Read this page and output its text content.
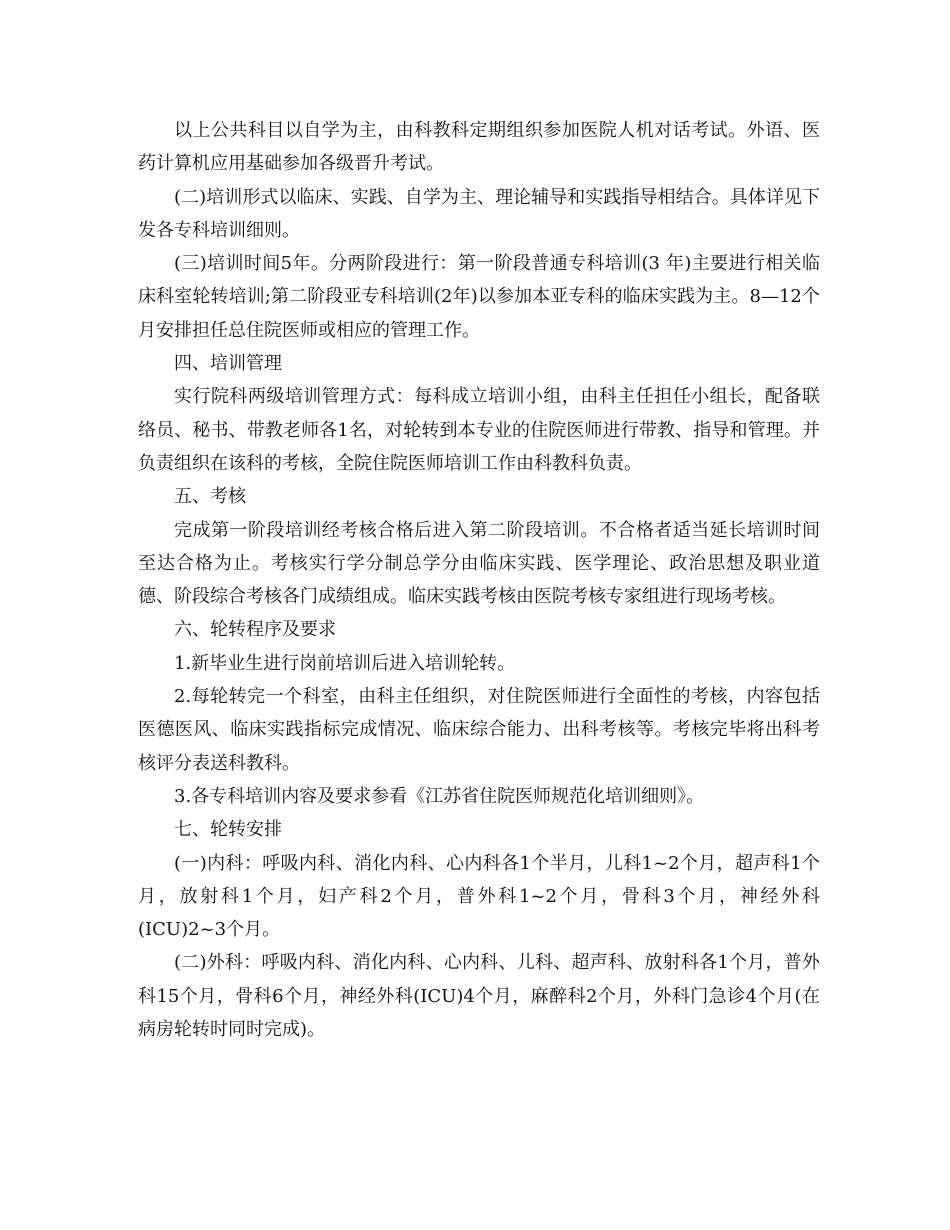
以上公共科目以自学为主，由科教科定期组织参加医院人机对话考试。外语、医药计算机应用基础参加各级晋升考试。

(二)培训形式以临床、实践、自学为主、理论辅导和实践指导相结合。具体详见下发各专科培训细则。

(三)培训时间5年。分两阶段进行：第一阶段普通专科培训(3 年)主要进行相关临床科室轮转培训;第二阶段亚专科培训(2年)以参加本亚专科的临床实践为主。8—12个月安排担任总住院医师或相应的管理工作。

四、培训管理

实行院科两级培训管理方式：每科成立培训小组，由科主任担任小组长，配备联络员、秘书、带教老师各1名，对轮转到本专业的住院医师进行带教、指导和管理。并负责组织在该科的考核，全院住院医师培训工作由科教科负责。

五、考核

完成第一阶段培训经考核合格后进入第二阶段培训。不合格者适当延长培训时间至达合格为止。考核实行学分制总学分由临床实践、医学理论、政治思想及职业道德、阶段综合考核各门成绩组成。临床实践考核由医院考核专家组进行现场考核。

六、轮转程序及要求

1.新毕业生进行岗前培训后进入培训轮转。

2.每轮转完一个科室，由科主任组织，对住院医师进行全面性的考核，内容包括医德医风、临床实践指标完成情况、临床综合能力、出科考核等。考核完毕将出科考核评分表送科教科。

3.各专科培训内容及要求参看《江苏省住院医师规范化培训细则》。

七、轮转安排

(一)内科：呼吸内科、消化内科、心内科各1个半月，儿科1~2个月，超声科1个月，放射科1个月，妇产科2个月，普外科1~2个月，骨科3个月，神经外科(ICU)2~3个月。

(二)外科：呼吸内科、消化内科、心内科、儿科、超声科、放射科各1个月，普外科15个月，骨科6个月，神经外科(ICU)4个月，麻醉科2个月，外科门急诊4个月(在病房轮转时同时完成)。
